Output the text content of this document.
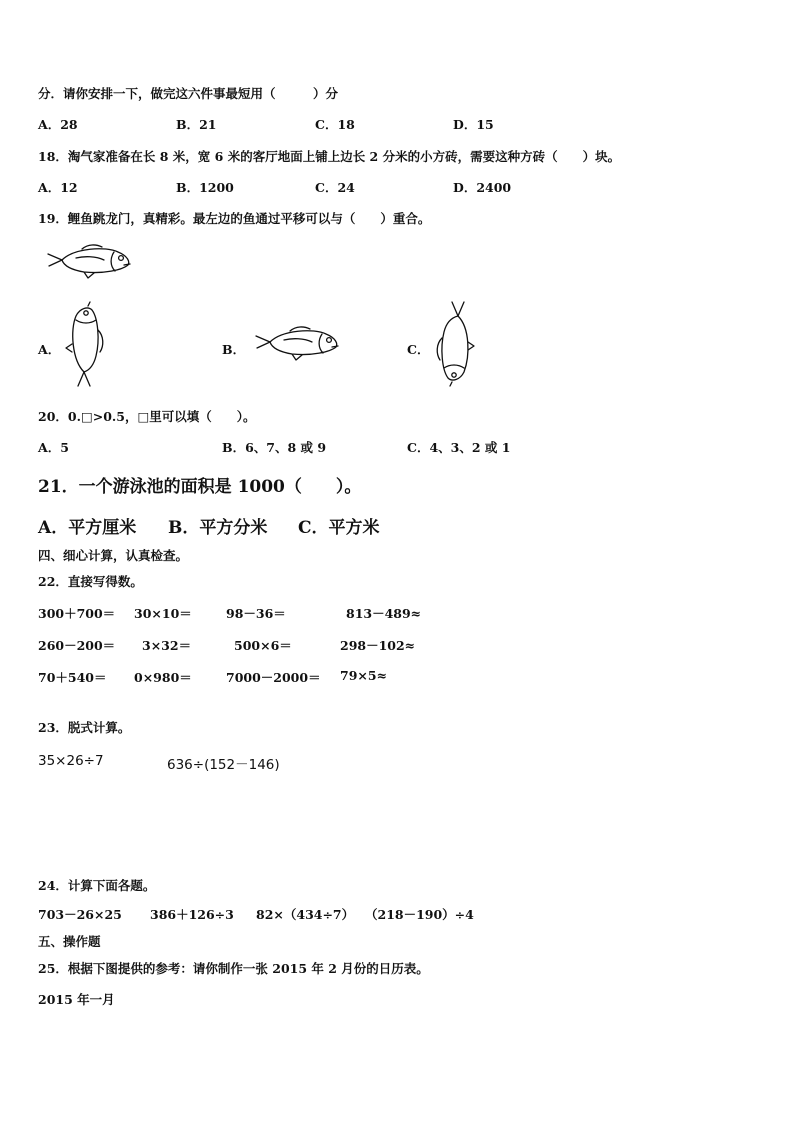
分．请你安排一下，做完这六件事最短用（　　　）分
A．28	B．21	C．18	D．15
18．淘气家准备在长 8 米，宽 6 米的客厅地面上铺上边长 2 分米的小方砖，需要这种方砖（　　）块。
A．12	B．1200	C．24	D．2400
19．鲤鱼跳龙门，真精彩。最左边的鱼通过平移可以与（　　）重合。
A．	B．	C．
20．0.□>0.5，□里可以填（　　）。
A．5	B．6、7、8 或 9	C．4、3、2 或 1
21．一个游泳池的面积是 1000（　　）。
A．平方厘米 B．平方分米 C．平方米
四、细心计算，认真检查。
22．直接写得数。
300＋700＝ 30×10＝	98－36＝	813－489≈
260－200＝ 3×32＝	500×6＝	298－102≈
70＋540＝ 0×980＝	7000－2000＝ 79×5≈
23．脱式计算。
35×26÷7	636÷(152－146)
24．计算下面各题。
703－26×25 386＋126÷3 82×（434÷7） （218－190）÷4
五、操作题
25．根据下图提供的参考：请你制作一张 2015 年 2 月份的日历表。
2015 年一月
